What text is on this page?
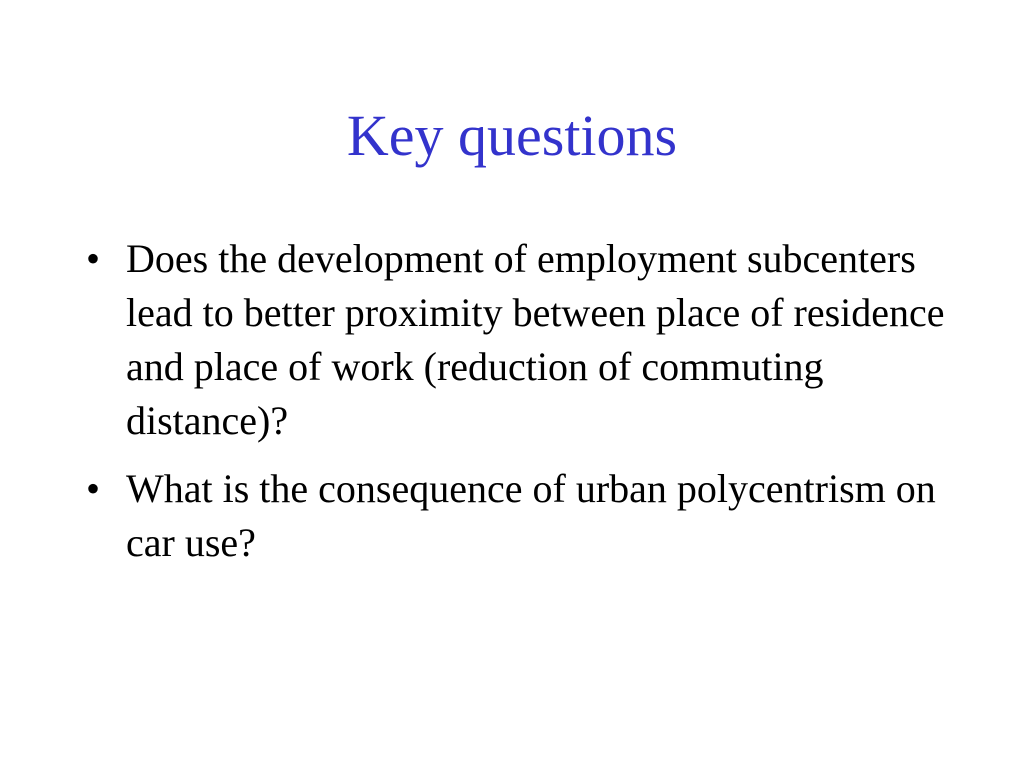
Key questions
• Does the development of employment subcenters lead to better proximity between place of residence and place of work (reduction of commuting distance)?
• What is the consequence of urban polycentrism on car use?
